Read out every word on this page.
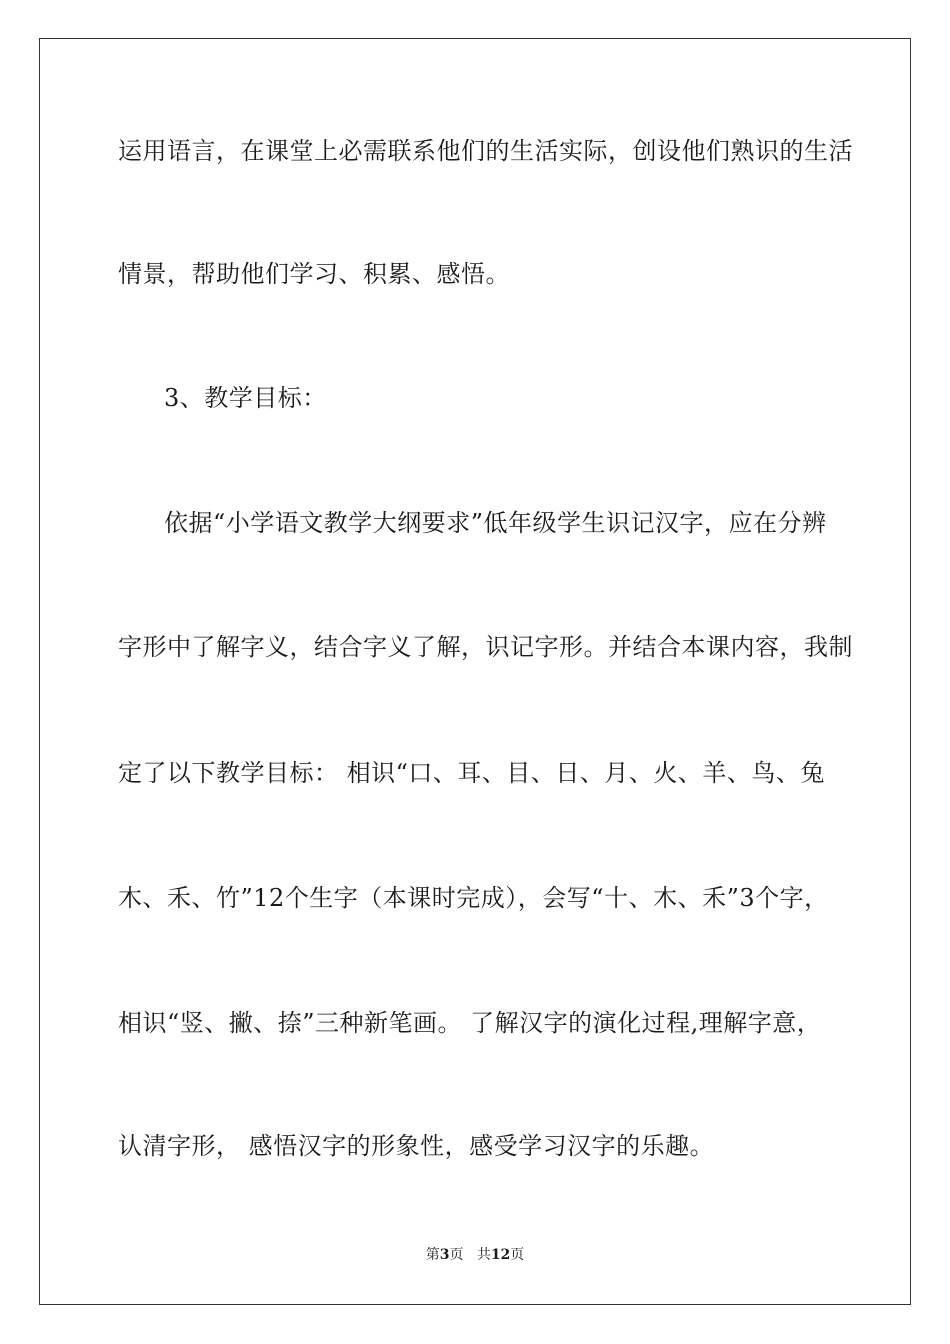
运用语言，在课堂上必需联系他们的生活实际，创设他们熟识的生活
情景，帮助他们学习、积累、感悟。
3、教学目标：
依据“小学语文教学大纲要求”低年级学生识记汉字，应在分辨
字形中了解字义，结合字义了解，识记字形。并结合本课内容，我制
定了以下教学目标： 相识“口、耳、目、日、月、火、羊、鸟、兔
木、禾、竹”12个生字（本课时完成），会写“十、木、禾”3个字，
相识“竖、撇、捺”三种新笔画。 了解汉字的演化过程,理解字意，
认清字形， 感悟汉字的形象性，感受学习汉字的乐趣。
第3页 共12页
